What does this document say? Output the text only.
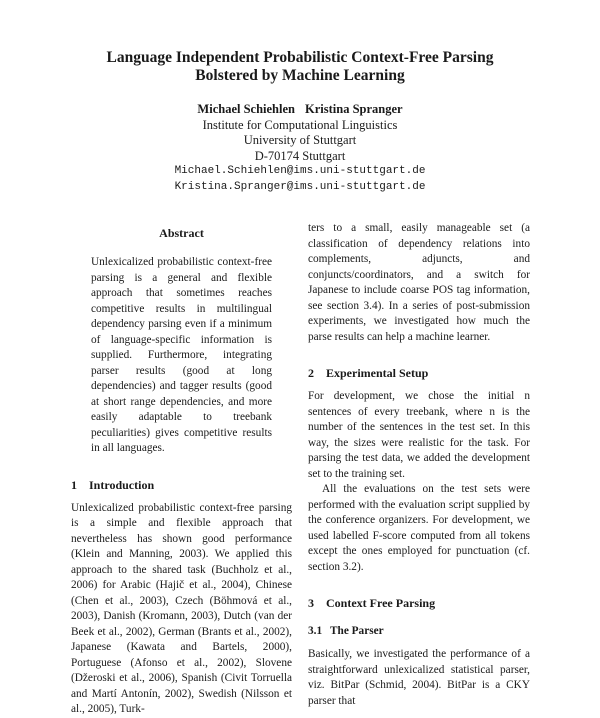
Language Independent Probabilistic Context-Free Parsing
Bolstered by Machine Learning
Michael Schiehlen Kristina Spranger
Institute for Computational Linguistics
University of Stuttgart
D-70174 Stuttgart
Michael.Schiehlen@ims.uni-stuttgart.de
Kristina.Spranger@ims.uni-stuttgart.de
Abstract

Unlexicalized probabilistic context-free parsing is a general and flexible approach that sometimes reaches competitive results in multilingual dependency parsing even if a minimum of language-specific information is supplied. Furthermore, integrating parser results (good at long dependencies) and tagger results (good at short range dependencies, and more easily adaptable to treebank peculiarities) gives competitive results in all languages.

1 Introduction

Unlexicalized probabilistic context-free parsing is a simple and flexible approach that nevertheless has shown good performance (Klein and Manning, 2003). We applied this approach to the shared task (Buchholz et al., 2006) for Arabic (Hajič et al., 2004), Chinese (Chen et al., 2003), Czech (Böhmová et al., 2003), Danish (Kromann, 2003), Dutch (van der Beek et al., 2002), German (Brants et al., 2002), Japanese (Kawata and Bartels, 2000), Portuguese (Afonso et al., 2002), Slovene (Džeroski et al., 2006), Spanish (Civit Torruella and Martí Antonín, 2002), Swedish (Nilsson et al., 2005), Turk-

ters to a small, easily manageable set (a classification of dependency relations into complements, adjuncts, and conjuncts/coordinators, and a switch for Japanese to include coarse POS tag information, see section 3.4). In a series of post-submission experiments, we investigated how much the parse results can help a machine learner.

2 Experimental Setup

For development, we chose the initial n sentences of every treebank, where n is the number of the sentences in the test set. In this way, the sizes were realistic for the task. For parsing the test data, we added the development set to the training set.

All the evaluations on the test sets were performed with the evaluation script supplied by the conference organizers. For development, we used labelled F-score computed from all tokens except the ones employed for punctuation (cf. section 3.2).

3 Context Free Parsing
3.1 The Parser

Basically, we investigated the performance of a straightforward unlexicalized statistical parser, viz. BitPar (Schmid, 2004). BitPar is a CKY parser that
